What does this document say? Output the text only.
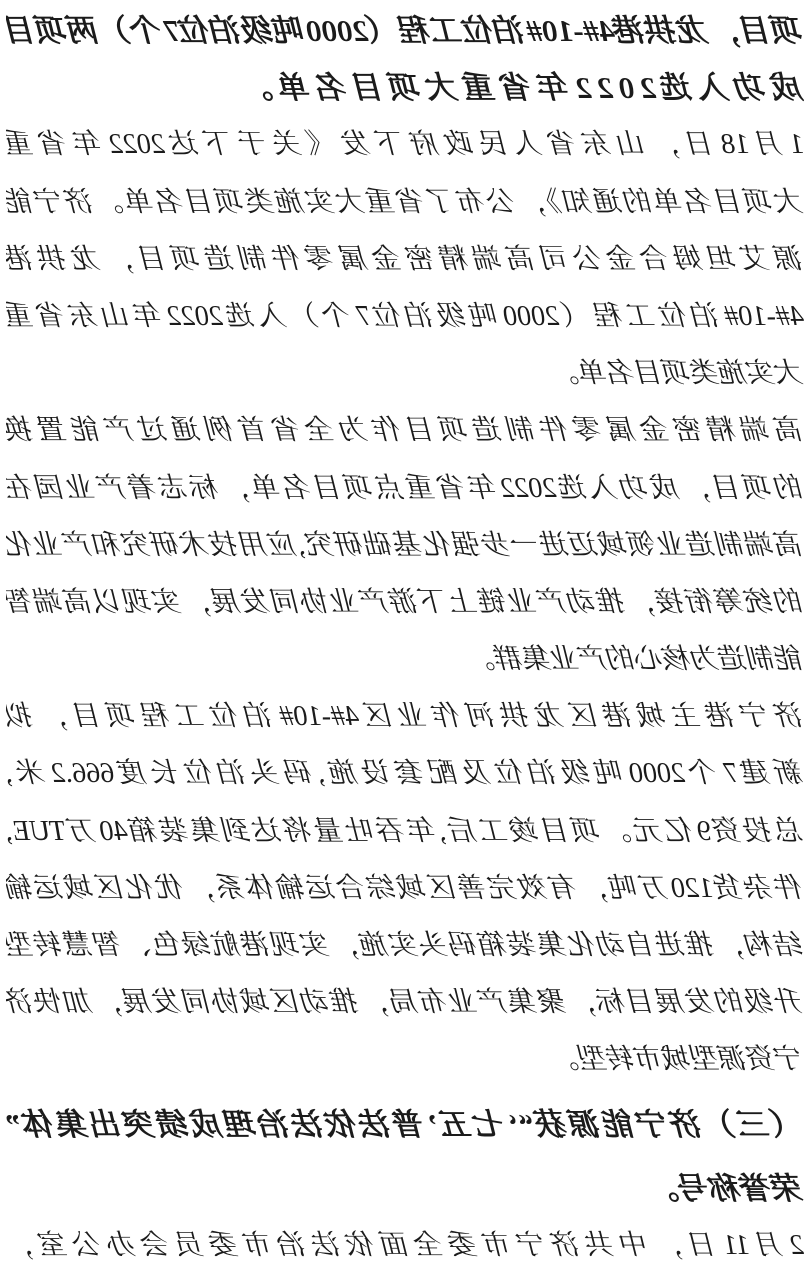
项目，龙拱港4#-10#泊位工程（2000吨级泊位7个）两项目
成功入选2022年省重大项目名单。
1月18日，山东省人民政府下发《关于下达2022年省重
大项目名单的通知》，公布了省重大实施类项目名单。济宁能
源艾坦姆合金公司高端精密金属零件制造项目，龙拱港
4#-10#泊位工程（2000吨级泊位7个）入选2022年山东省重
大实施类项目名单。
高端精密金属零件制造项目作为全省首例通过产能置换
的项目，成功入选2022年省重点项目名单，标志着产业园在
高端制造业领域迈进一步强化基础研究,应用技术研究和产业化
的统筹衔接，推动产业链上下游产业协同发展，实现以高端智
能制造为核心的产业集群。
济宁港主城港区龙拱河作业区4#-10#泊位工程项目，拟
新建7个2000吨级泊位及配套设施,码头泊位长度666.2米,
总投资9亿元。项目竣工后,年吞吐量将达到集装箱40万TUE,
件杂货120万吨，有效完善区域综合运输体系，优化区域运输
结构，推进自动化集装箱码头实施，实现港航绿色、智慧转型
升级的发展目标，聚集产业布局，推动区域协同发展，加快济
宁资源型城市转型。
（三）济宁能源获“‘七五’普法依法治理成绩突出集体”
荣誉称号。
2月11日，中共济宁市委全面依法治市委员会办公室，
